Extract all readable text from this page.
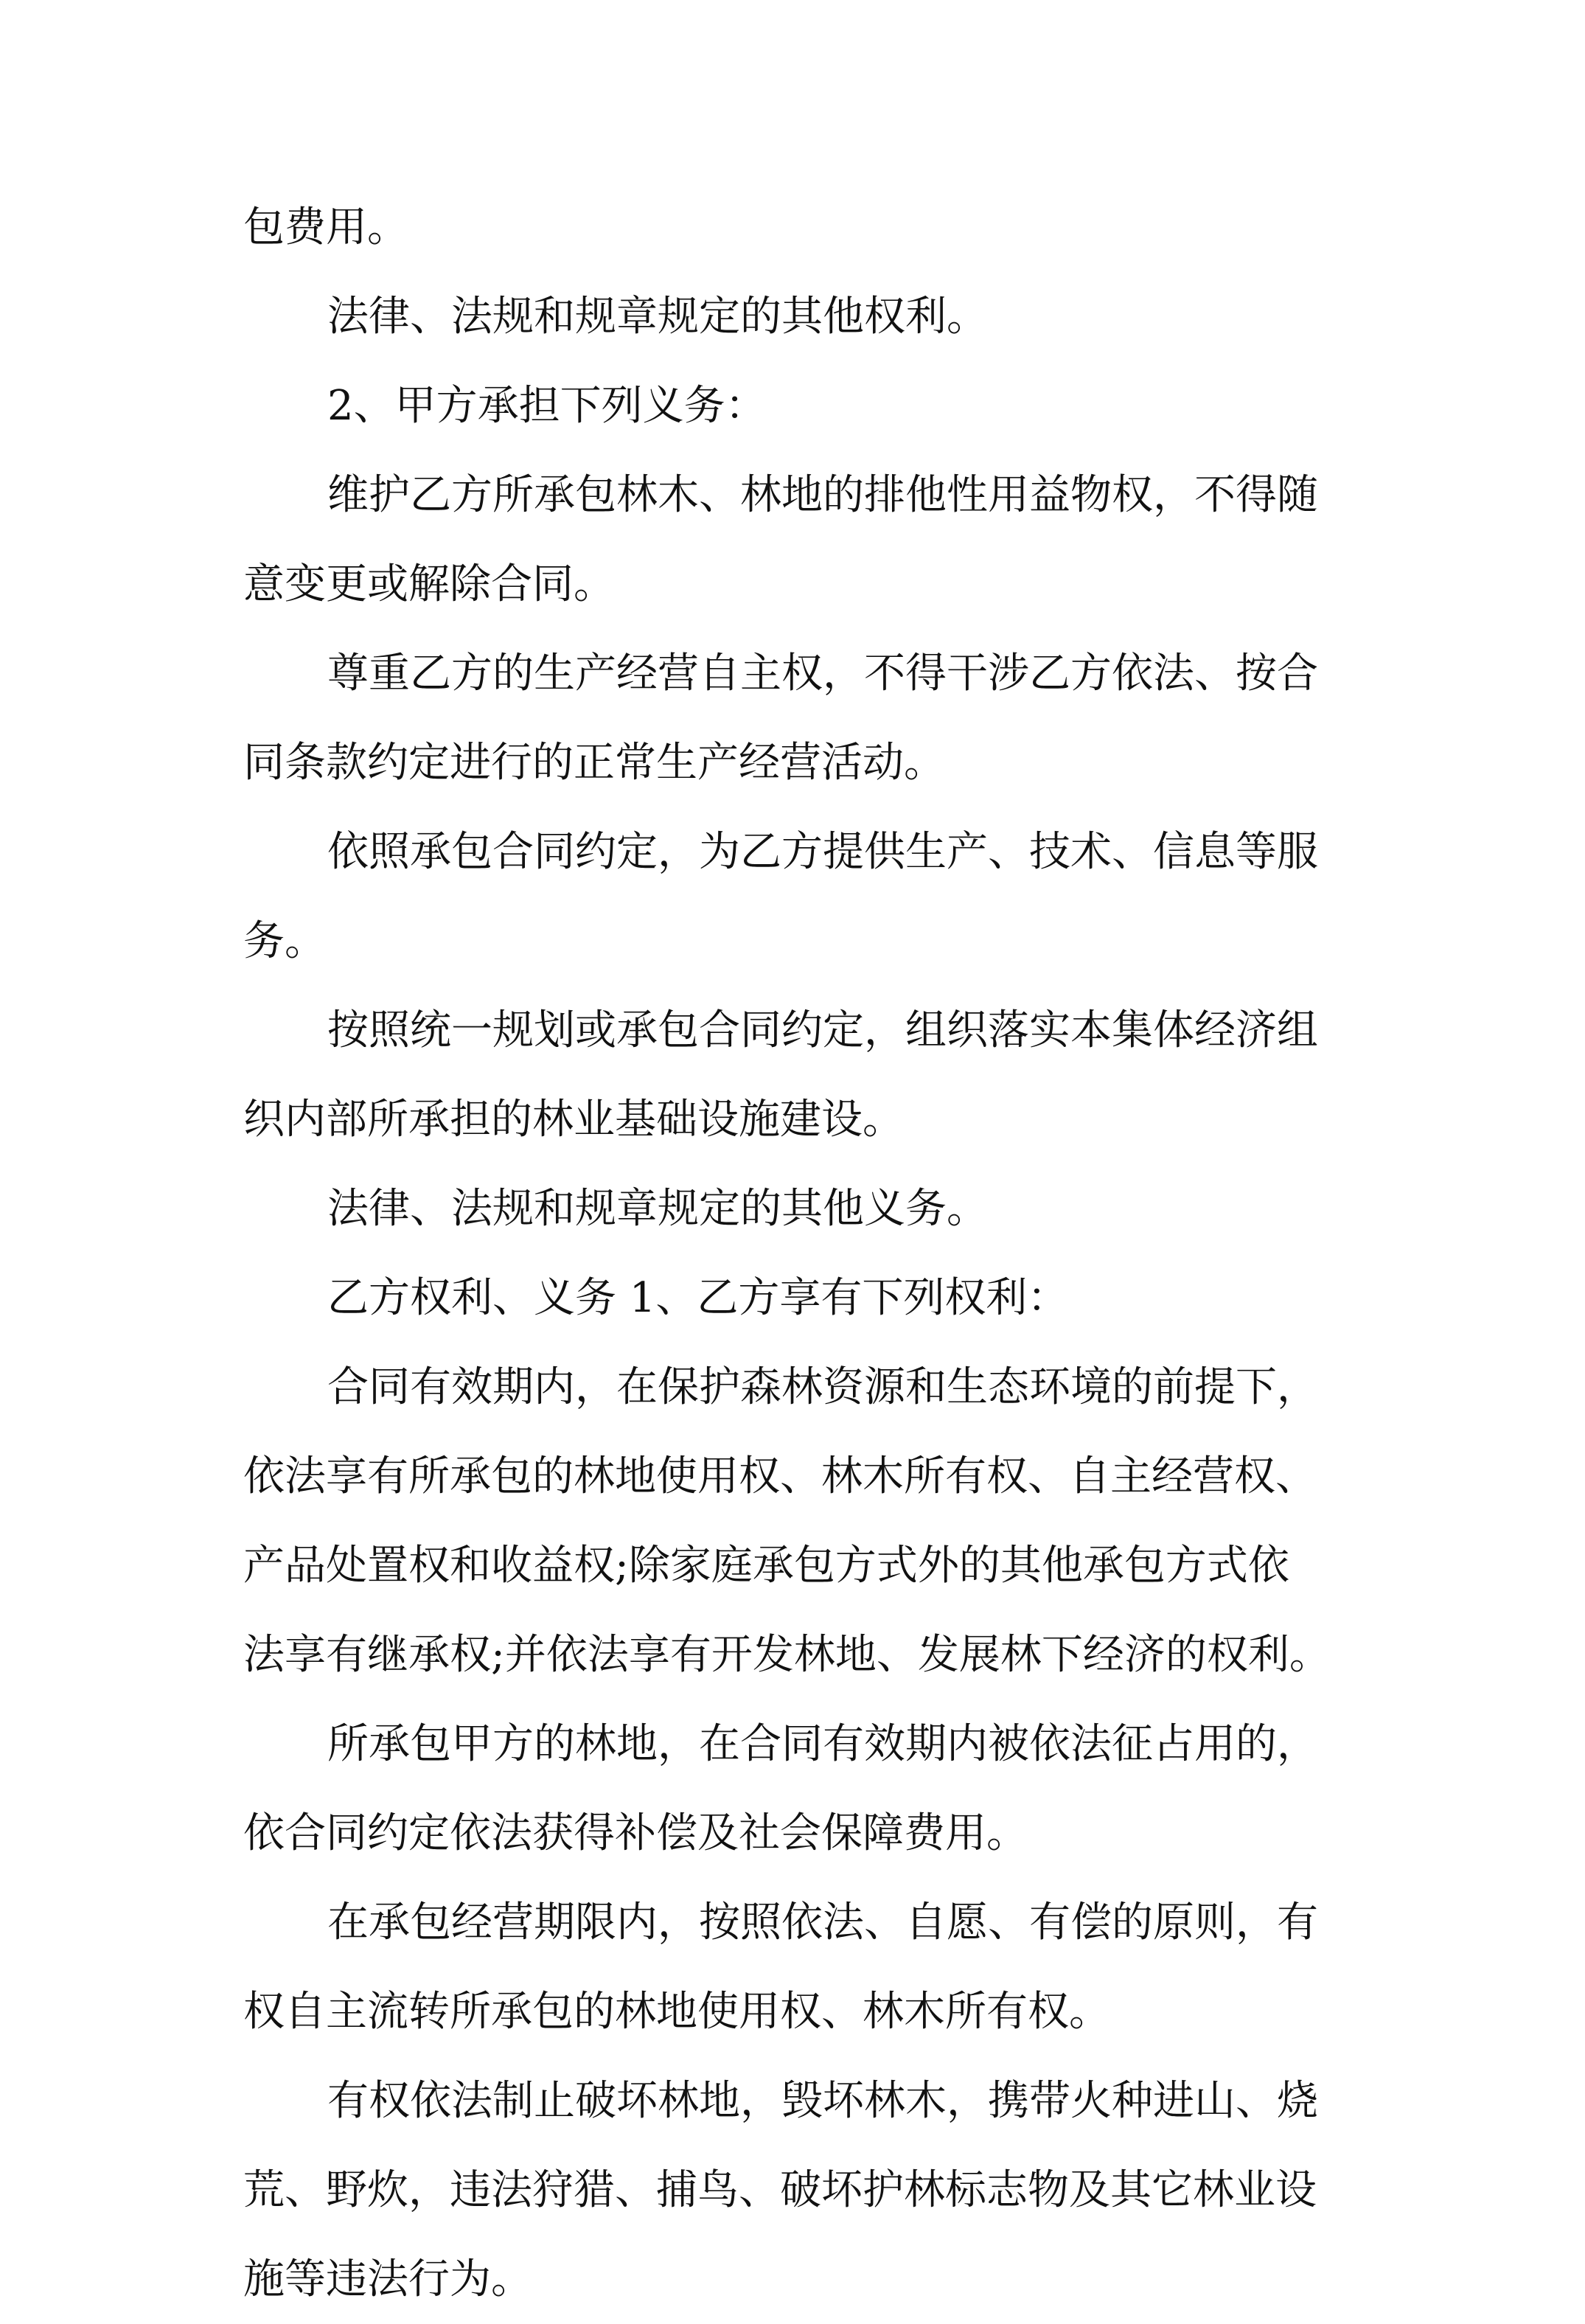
包费用。

法律、法规和规章规定的其他权利。

2、甲方承担下列义务：

维护乙方所承包林木、林地的排他性用益物权，不得随

意变更或解除合同。

尊重乙方的生产经营自主权，不得干涉乙方依法、按合

同条款约定进行的正常生产经营活动。

依照承包合同约定，为乙方提供生产、技术、信息等服

务。

按照统一规划或承包合同约定，组织落实本集体经济组

织内部所承担的林业基础设施建设。

法律、法规和规章规定的其他义务。

乙方权利、义务 1、乙方享有下列权利：

合同有效期内，在保护森林资源和生态环境的前提下，

依法享有所承包的林地使用权、林木所有权、自主经营权、

产品处置权和收益权;除家庭承包方式外的其他承包方式依

法享有继承权;并依法享有开发林地、发展林下经济的权利。

所承包甲方的林地，在合同有效期内被依法征占用的，

依合同约定依法获得补偿及社会保障费用。

在承包经营期限内，按照依法、自愿、有偿的原则，有

权自主流转所承包的林地使用权、林木所有权。

有权依法制止破坏林地，毁坏林木，携带火种进山、烧

荒、野炊，违法狩猎、捕鸟、破坏护林标志物及其它林业设

施等违法行为。
